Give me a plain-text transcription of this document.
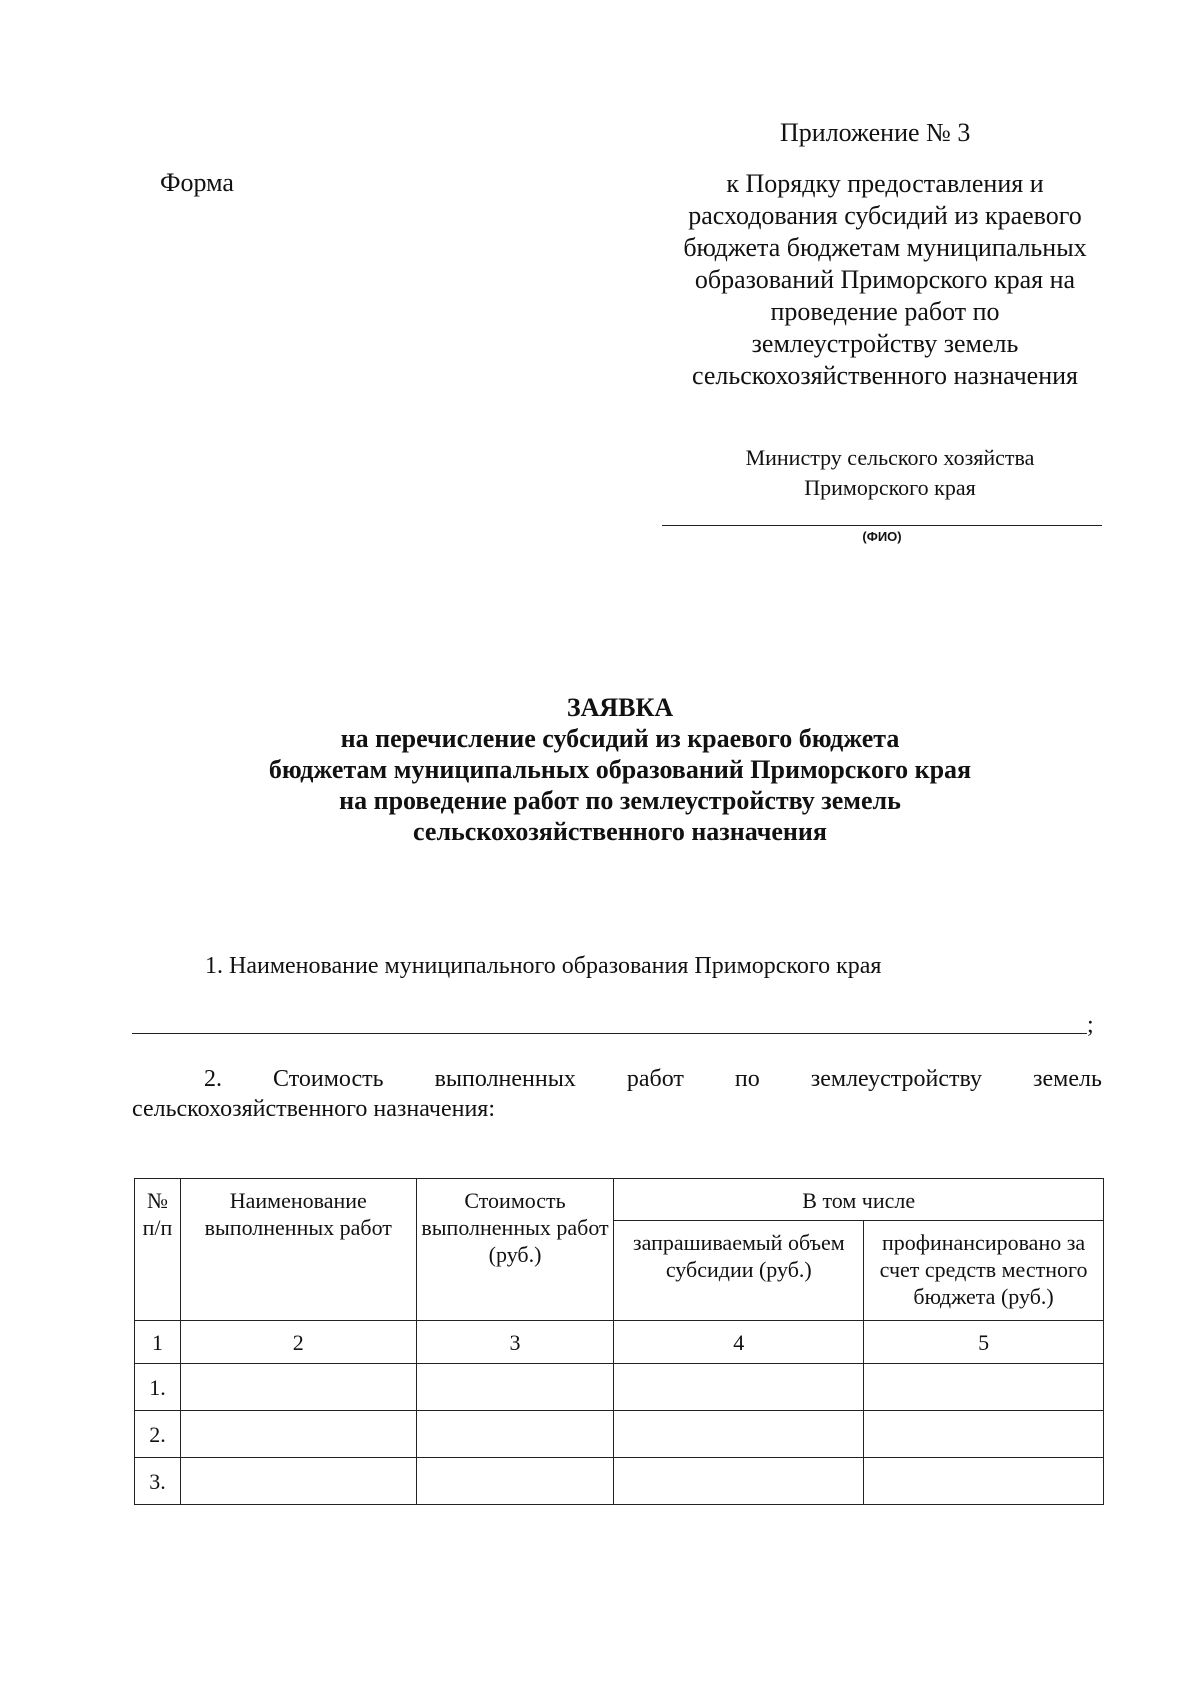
Приложение № 3
Форма	к Порядку предоставления и
расходования субсидий из краевого
бюджета бюджетам муниципальных
образований Приморского края на
проведение работ по
землеустройству земель
сельскохозяйственного назначения
Министру сельского хозяйства
Приморского края
(ФИО)
ЗАЯВКА
на перечисление субсидий из краевого бюджета
бюджетам муниципальных образований Приморского края
на проведение работ по землеустройству земель
сельскохозяйственного назначения
1. Наименование муниципального образования Приморского края
;
2. Стоимость выполненных работ по землеустройству земель
сельскохозяйственного назначения:
№ п/п	Наименование выполненных работ	Стоимость выполненных работ (руб.)	В том числе	
			запрашиваемый объем субсидии (руб.)	профинансировано за счет средств местного бюджета (руб.)
1	2	3	4	5
1.				
2.				
3.				
